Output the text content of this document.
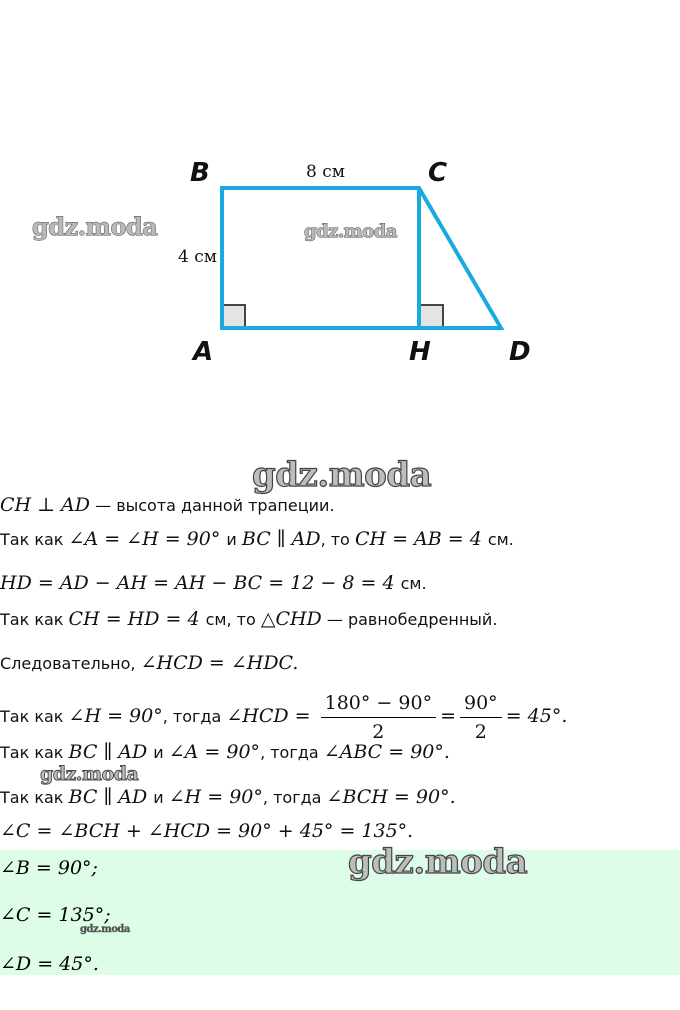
B	C
A	H	D
8 см
4 см
gdz.moda	gdz.moda
gdz.moda
CH ⊥ AD — высота данной трапеции.
Так как ∠A = ∠H = 90° и BC ∥ AD, то CH = AB = 4 см.
HD = AD − AH = AH − BC = 12 − 8 = 4 см.
Так как CH = HD = 4 см, то △CHD — равнобедренный.
Следовательно, ∠HCD = ∠HDC.
Так как ∠H = 90°, тогда ∠HCD = $\frac{180^\circ - 90^\circ}{2} = \frac{90^\circ}{2} = 45^\circ$.
Так как BC ∥ AD и ∠A = 90°, тогда ∠ABC = 90°.
gdz.moda
Так как BC ∥ AD и ∠H = 90°, тогда ∠BCH = 90°.
∠C = ∠BCH + ∠HCD = 90° + 45° = 135°.
∠B = 90°;
∠C = 135°;
∠D = 45°.
gdz.moda
gdz.moda
